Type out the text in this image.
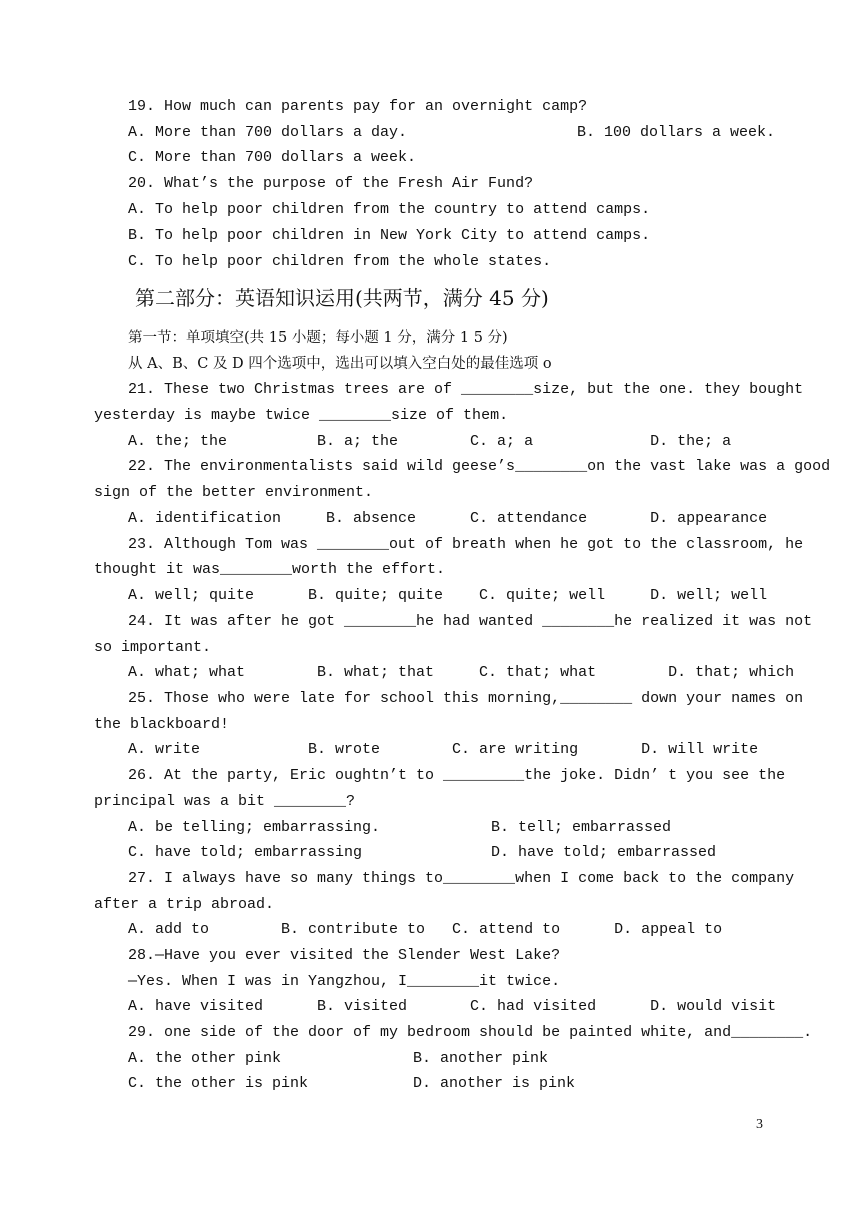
19. How much can parents pay for an overnight camp?
A. More than 700 dollars a day.	B. 100 dollars a week.
C. More than 700 dollars a week.
20. What’s the purpose of the Fresh Air Fund?
A. To help poor children from the country to attend camps.
B. To help poor children in New York City to attend camps.
C. To help poor children from the whole states.
第二部分：英语知识运用(共两节，满分 45 分)
第一节：单项填空(共 15 小题；每小题 1 分，满分 1 5 分)
从 A、B、C 及 D 四个选项中，选出可以填入空白处的最佳选项 o
21. These two Christmas trees are of ________size, but the one. they bought
yesterday is maybe twice ________size of them.
A. the; the          B. a; the        C. a; a             D. the; a
22. The environmentalists said wild geese’s________on the vast lake was a good
sign of the better environment.
A. identification     B. absence      C. attendance       D. appearance
23. Although Tom was ________out of breath when he got to the classroom, he
thought it was________worth the effort.
A. well; quite      B. quite; quite    C. quite; well     D. well; well
24. It was after he got ________he had wanted ________he realized it was not
so important.
A. what; what        B. what; that     C. that; what        D. that; which
25. Those who were late for school this morning,________ down your names on
the blackboard!
A. write            B. wrote        C. are writing       D. will write
26. At the party, Eric oughtn’t to _________the joke. Didn’ t you see the
principal was a bit ________?
A. be telling; embarrassing.	B. tell; embarrassed
C. have told; embarrassing	D. have told; embarrassed
27. I always have so many things to________when I come back to the company
after a trip abroad.
A. add to        B. contribute to   C. attend to      D. appeal to
28.—Have you ever visited the Slender West Lake?
—Yes. When I was in Yangzhou, I________it twice.
A. have visited      B. visited       C. had visited      D. would visit
29. one side of the door of my bedroom should be painted white, and________.
A. the other pink	B. another pink
C. the other is pink	D. another is pink
3
